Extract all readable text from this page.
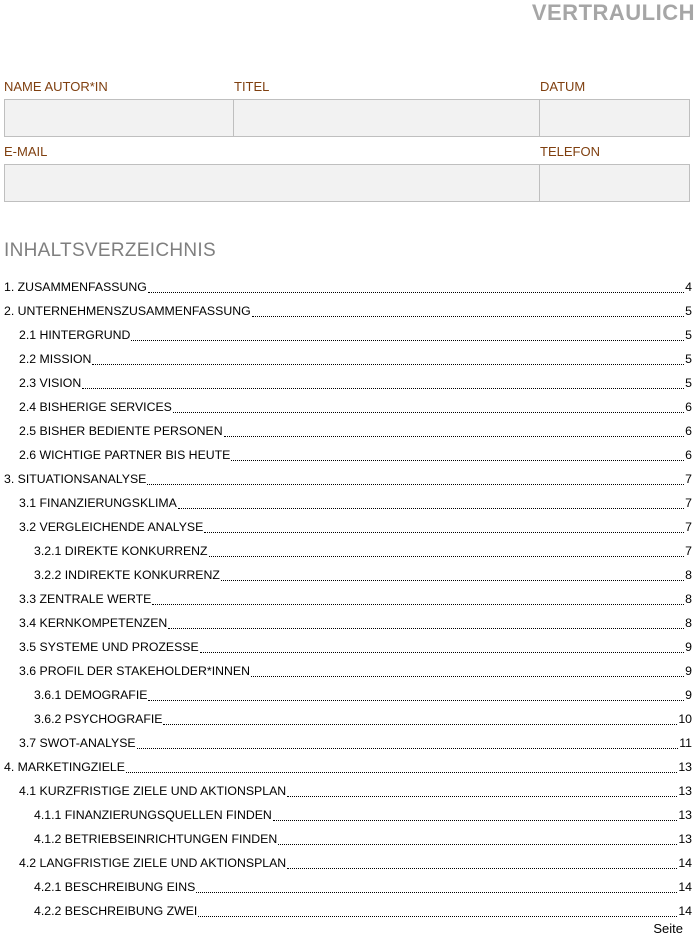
VERTRAULICH
NAME AUTOR*IN	TITEL	DATUM
E-MAIL	TELEFON
INHALTSVERZEICHNIS
1. ZUSAMMENFASSUNG	4
2. UNTERNEHMENSZUSAMMENFASSUNG	5
2.1 HINTERGRUND	5
2.2 MISSION	5
2.3 VISION	5
2.4 BISHERIGE SERVICES	6
2.5 BISHER BEDIENTE PERSONEN	6
2.6 WICHTIGE PARTNER BIS HEUTE	6
3. SITUATIONSANALYSE	7
3.1 FINANZIERUNGSKLIMA	7
3.2 VERGLEICHENDE ANALYSE	7
3.2.1 DIREKTE KONKURRENZ	7
3.2.2 INDIREKTE KONKURRENZ	8
3.3 ZENTRALE WERTE	8
3.4 KERNKOMPETENZEN	8
3.5 SYSTEME UND PROZESSE	9
3.6 PROFIL DER STAKEHOLDER*INNEN	9
3.6.1 DEMOGRAFIE	9
3.6.2 PSYCHOGRAFIE	10
3.7 SWOT-ANALYSE	11
4. MARKETINGZIELE	13
4.1 KURZFRISTIGE ZIELE UND AKTIONSPLAN	13
4.1.1 FINANZIERUNGSQUELLEN FINDEN	13
4.1.2 BETRIEBSEINRICHTUNGEN FINDEN	13
4.2 LANGFRISTIGE ZIELE UND AKTIONSPLAN	14
4.2.1 BESCHREIBUNG EINS	14
4.2.2 BESCHREIBUNG ZWEI	14
Seite
